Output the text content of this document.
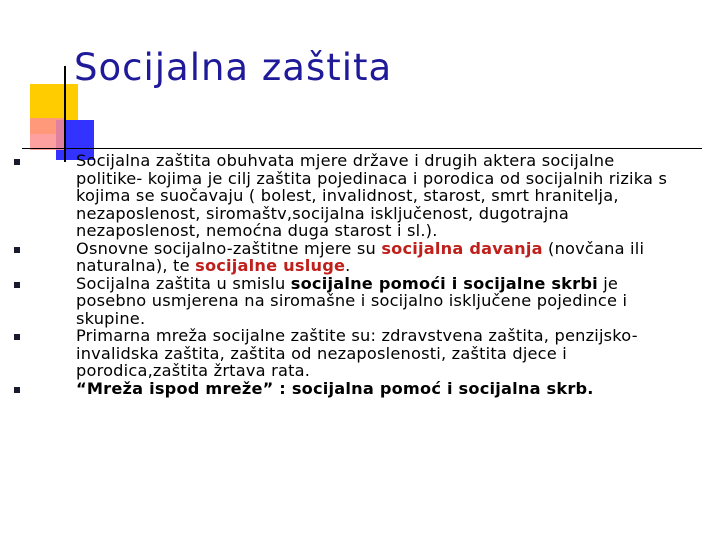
Socijalna zaštita
Socijalna zaštita obuhvata mjere države i drugih aktera socijalne politike- kojima je cilj zaštita pojedinaca i porodica od socijalnih rizika s kojima se suočavaju ( bolest, invalidnost, starost, smrt hranitelja, nezaposlenost, siromaštv,socijalna isključenost, dugotrajna nezaposlenost, nemoćna duga starost i sl.).
Osnovne socijalno-zaštitne mjere su socijalna davanja (novčana ili naturalna), te socijalne usluge.
Socijalna zaštita u smislu socijalne pomoći i socijalne skrbi je posebno usmjerena na siromašne i socijalno isključene pojedince i skupine.
Primarna mreža socijalne zaštite su: zdravstvena zaštita, penzijsko-invalidska zaštita, zaštita od nezaposlenosti, zaštita djece i porodica,zaštita žrtava rata.
“Mreža ispod mreže” : socijalna pomoć i socijalna skrb.
